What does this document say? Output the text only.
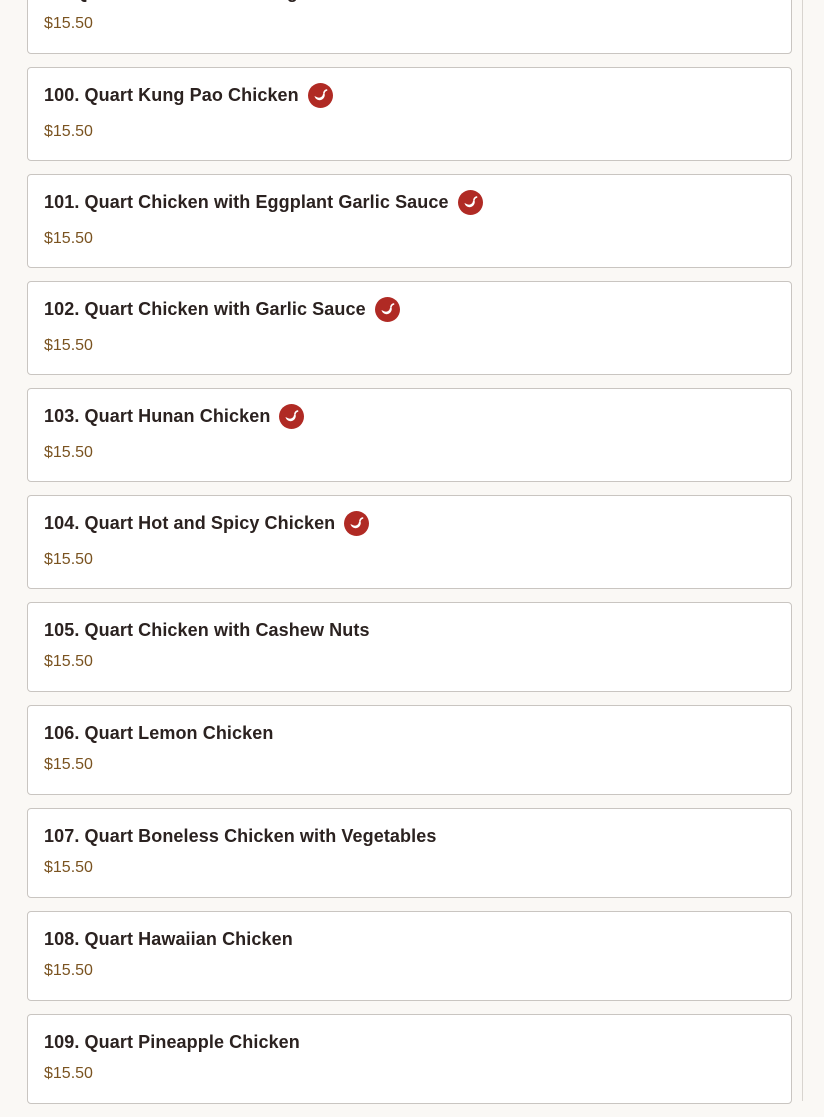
$15.50
100. Quart Kung Pao Chicken
$15.50
101. Quart Chicken with Eggplant Garlic Sauce
$15.50
102. Quart Chicken with Garlic Sauce
$15.50
103. Quart Hunan Chicken
$15.50
104. Quart Hot and Spicy Chicken
$15.50
105. Quart Chicken with Cashew Nuts
$15.50
106. Quart Lemon Chicken
$15.50
107. Quart Boneless Chicken with Vegetables
$15.50
108. Quart Hawaiian Chicken
$15.50
109. Quart Pineapple Chicken
$15.50
